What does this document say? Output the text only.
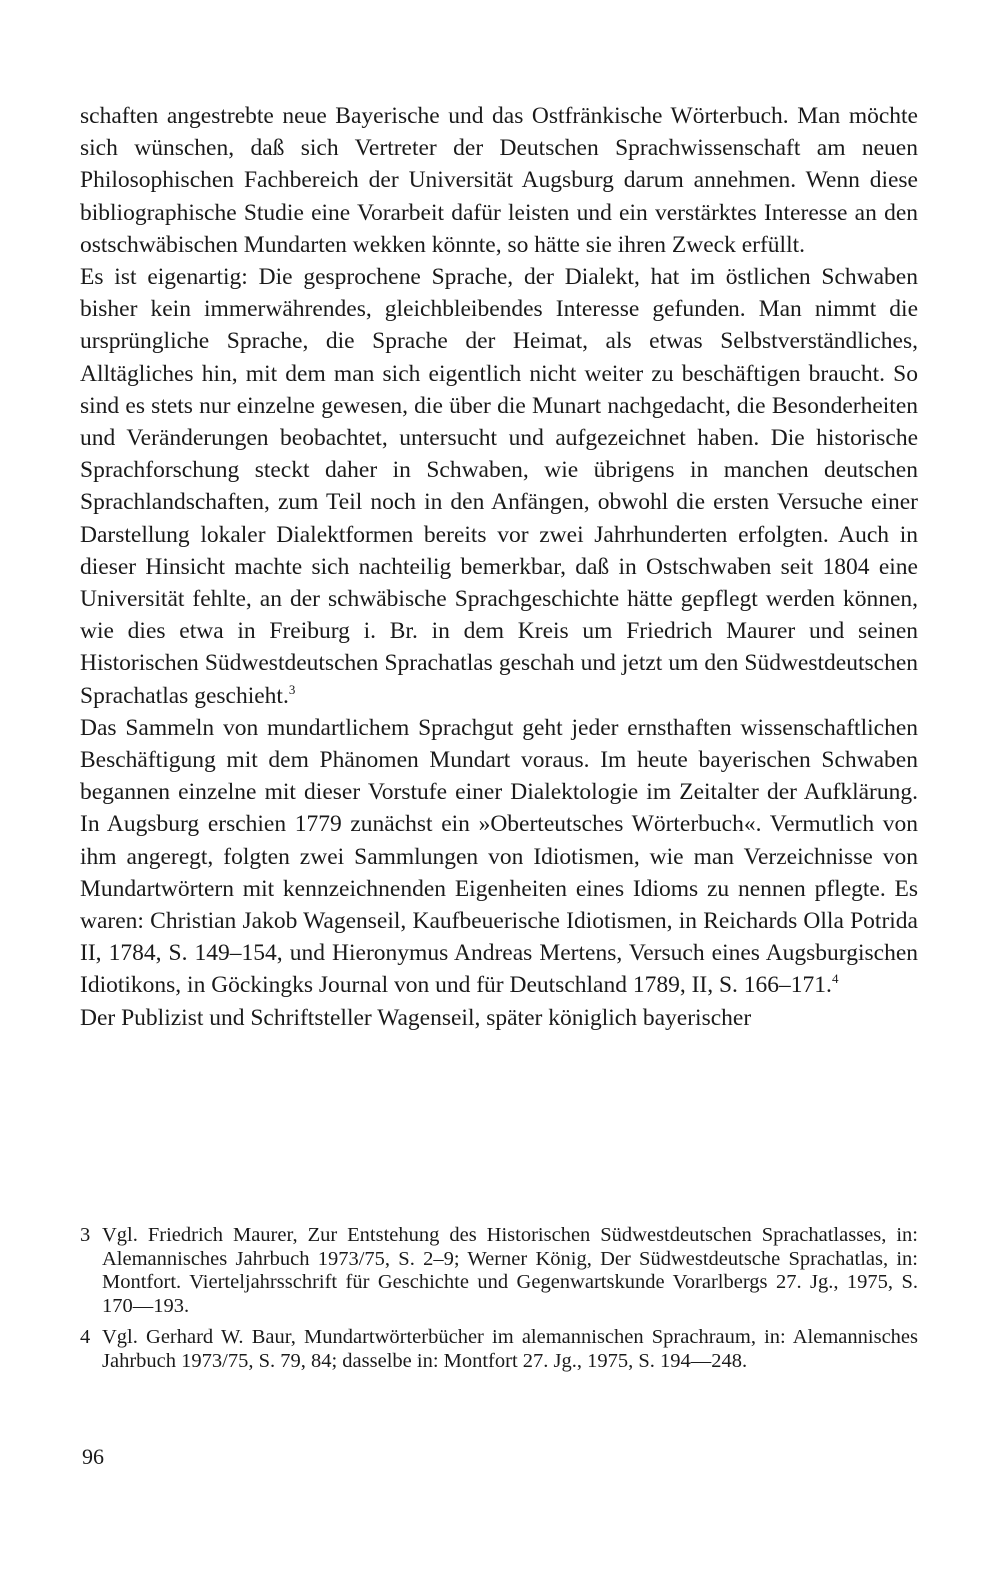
schaften angestrebte neue Bayerische und das Ostfränkische Wörterbuch. Man möchte sich wünschen, daß sich Vertreter der Deutschen Sprachwissenschaft am neuen Philosophischen Fachbereich der Universität Augsburg darum annehmen. Wenn diese bibliographische Studie eine Vorarbeit dafür leisten und ein verstärktes Interesse an den ostschwäbischen Mundarten wekken könnte, so hätte sie ihren Zweck erfüllt.

Es ist eigenartig: Die gesprochene Sprache, der Dialekt, hat im östlichen Schwaben bisher kein immerwährendes, gleichbleibendes Interesse gefunden. Man nimmt die ursprüngliche Sprache, die Sprache der Heimat, als etwas Selbstverständliches, Alltägliches hin, mit dem man sich eigentlich nicht weiter zu beschäftigen braucht. So sind es stets nur einzelne gewesen, die über die Munart nachgedacht, die Besonderheiten und Veränderungen beobachtet, untersucht und aufgezeichnet haben. Die historische Sprachforschung steckt daher in Schwaben, wie übrigens in manchen deutschen Sprachlandschaften, zum Teil noch in den Anfängen, obwohl die ersten Versuche einer Darstellung lokaler Dialektformen bereits vor zwei Jahrhunderten erfolgten. Auch in dieser Hinsicht machte sich nachteilig bemerkbar, daß in Ostschwaben seit 1804 eine Universität fehlte, an der schwäbische Sprachgeschichte hätte gepflegt werden können, wie dies etwa in Freiburg i. Br. in dem Kreis um Friedrich Maurer und seinen Historischen Südwestdeutschen Sprachatlas geschah und jetzt um den Südwestdeutschen Sprachatlas geschieht.$^3$

Das Sammeln von mundartlichem Sprachgut geht jeder ernsthaften wissenschaftlichen Beschäftigung mit dem Phänomen Mundart voraus. Im heute bayerischen Schwaben begannen einzelne mit dieser Vorstufe einer Dialektologie im Zeitalter der Aufklärung. In Augsburg erschien 1779 zunächst ein »Oberteutsches Wörterbuch«. Vermutlich von ihm angeregt, folgten zwei Sammlungen von Idiotismen, wie man Verzeichnisse von Mundartwörtern mit kennzeichnenden Eigenheiten eines Idioms zu nennen pflegte. Es waren: Christian Jakob Wagenseil, Kaufbeuerische Idiotismen, in Reichards Olla Potrida II, 1784, S. 149–154, und Hieronymus Andreas Mertens, Versuch eines Augsburgischen Idiotikons, in Göckingks Journal von und für Deutschland 1789, II, S. 166–171.$^4$

Der Publizist und Schriftsteller Wagenseil, später königlich bayerischer

3 Vgl. Friedrich Maurer, Zur Entstehung des Historischen Südwestdeutschen Sprachatlasses, in: Alemannisches Jahrbuch 1973/75, S. 2–9; Werner König, Der Südwestdeutsche Sprachatlas, in: Montfort. Vierteljahrsschrift für Geschichte und Gegenwartskunde Vorarlbergs 27. Jg., 1975, S. 170—193.
4 Vgl. Gerhard W. Baur, Mundartwörterbücher im alemannischen Sprachraum, in: Alemannisches Jahrbuch 1973/75, S. 79, 84; dasselbe in: Montfort 27. Jg., 1975, S. 194—248.
96
